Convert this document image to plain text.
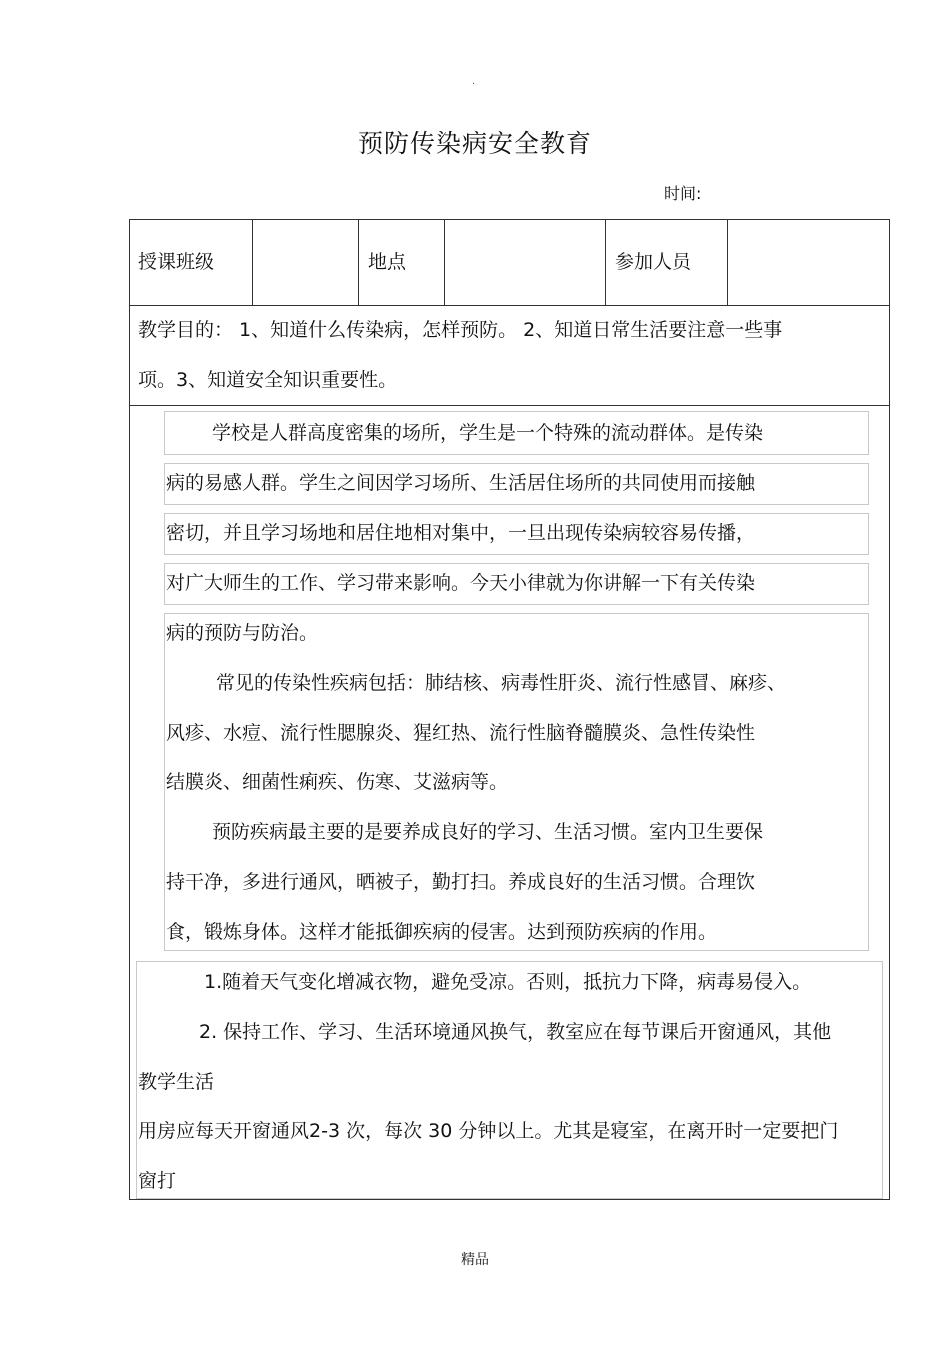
.
预防传染病安全教育
时间:
授课班级	地点	参加人员
教学目的： 1、知道什么传染病，怎样预防。 2、知道日常生活要注意一些事
项。3、知道安全知识重要性。
学校是人群高度密集的场所，学生是一个特殊的流动群体。是传染
病的易感人群。学生之间因学习场所、生活居住场所的共同使用而接触
密切，并且学习场地和居住地相对集中，一旦出现传染病较容易传播，
对广大师生的工作、学习带来影响。今天小律就为你讲解一下有关传染
病的预防与防治。
常见的传染性疾病包括：肺结核、病毒性肝炎、流行性感冒、麻疹、
风疹、水痘、流行性腮腺炎、猩红热、流行性脑脊髓膜炎、急性传染性
结膜炎、细菌性痢疾、伤寒、艾滋病等。
预防疾病最主要的是要养成良好的学习、生活习惯。室内卫生要保
持干净，多进行通风，晒被子，勤打扫。养成良好的生活习惯。合理饮
食，锻炼身体。这样才能抵御疾病的侵害。达到预防疾病的作用。
1.随着天气变化增减衣物，避免受凉。否则，抵抗力下降，病毒易侵入。
2. 保持工作、学习、生活环境通风换气，教室应在每节课后开窗通风，其他
教学生活
用房应每天开窗通风2-3 次，每次 30 分钟以上。尤其是寝室，在离开时一定要把门
窗打
精品
